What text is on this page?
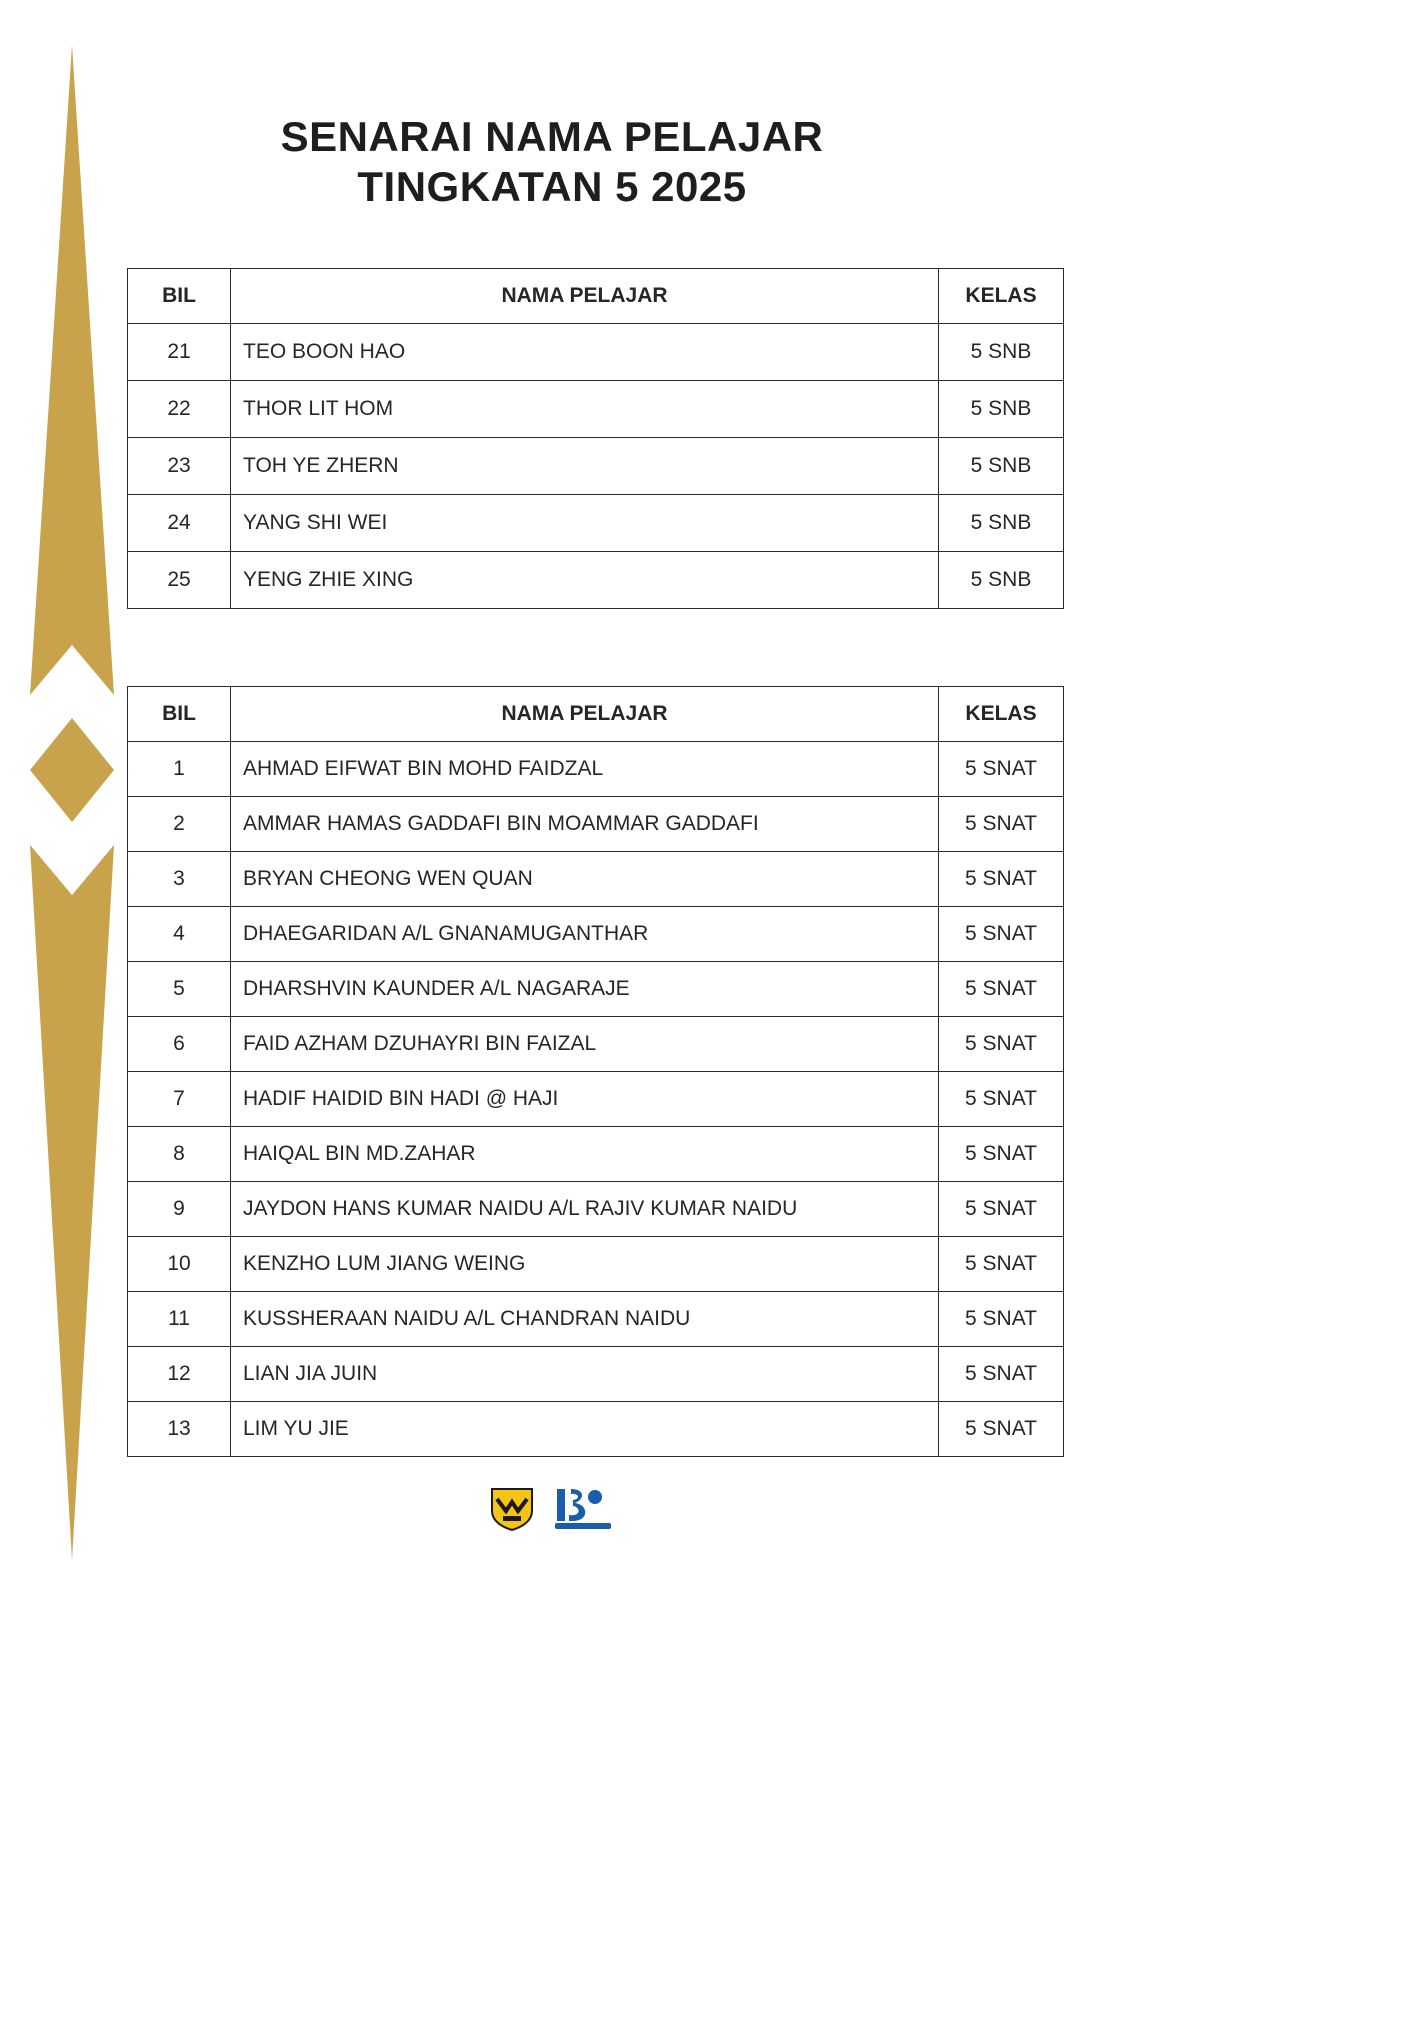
SENARAI NAMA PELAJAR
TINGKATAN 5 2025
BIL	NAMA PELAJAR	KELAS
21	TEO BOON HAO	5 SNB
22	THOR LIT HOM	5 SNB
23	TOH YE ZHERN	5 SNB
24	YANG SHI WEI	5 SNB
25	YENG ZHIE XING	5 SNB
BIL	NAMA PELAJAR	KELAS
1	AHMAD EIFWAT BIN MOHD FAIDZAL	5 SNAT
2	AMMAR HAMAS GADDAFI BIN MOAMMAR GADDAFI	5 SNAT
3	BRYAN CHEONG WEN QUAN	5 SNAT
4	DHAEGARIDAN A/L GNANAMUGANTHAR	5 SNAT
5	DHARSHVIN KAUNDER A/L NAGARAJE	5 SNAT
6	FAID AZHAM DZUHAYRI BIN FAIZAL	5 SNAT
7	HADIF HAIDID BIN HADI @ HAJI	5 SNAT
8	HAIQAL BIN MD.ZAHAR	5 SNAT
9	JAYDON HANS KUMAR NAIDU A/L RAJIV KUMAR NAIDU	5 SNAT
10	KENZHO LUM JIANG WEING	5 SNAT
11	KUSSHERAAN NAIDU A/L CHANDRAN NAIDU	5 SNAT
12	LIAN JIA JUIN	5 SNAT
13	LIM YU JIE	5 SNAT
